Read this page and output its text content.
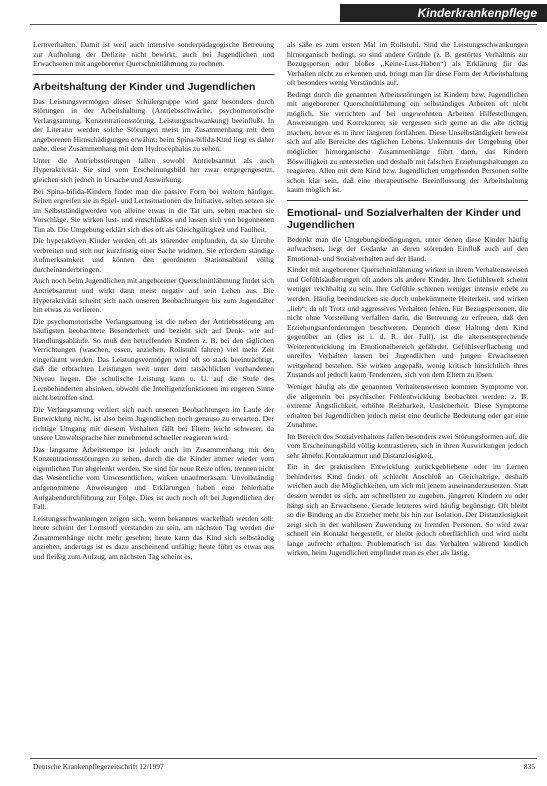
Kinderkrankenpflege

Lernverhalten. Damit ist weil auch intensive sonderpädagogische Betreuung zur Aufholung der Defizite nicht bewirkt, auch bei Jugendlichen und Erwachsenen mit angeborener Querschnittlähmung zu rechnen.

Arbeitshaltung der Kinder und Jugendlichen

Das Leistungsvermögen dieser Schülergruppe wird ganz besonders durch Störungen in der Arbeitshaltung (Antriebsschwäche, psychomotorische Verlangsamung, Konzentrationsstörung, Leistungsschwankung) beeinflußt. In der Literatur werden solche Störungen meist im Zusammenhang mit dem angeborenen Hirnschädigungen erwähnt; beim Spina-bifida-Kind liegt es daher nahe, diese Zusammenhang mit dem Hydrocephalus zu sehen.

Unter die Antriebsstörungen fallen sowohl Antriebsarmut als auch Hyperaktivität. Sie sind vom Erscheinungsbild her zwar entgegengesetzt, gleichen sich jedoch in Ursache und Auswirkung.

Bei Spina-bifida-Kindern findet man die passive Form bei weitem häufiger. Selten ergreifen sie in Spiel- und Lernsituationen die Initiative, selten setzen sie im Selbstständigwerden von alleine etwas in die Tat um, selten machen sie Vorschläge. Sie wirken lust- und entschlußlos und lassen sich von begonnenen Tun ab. Die Umgebung erklärt sich dies oft als Gleichgültigkeit und Faulheit.

Die hyperaktiven Kinder werden oft als störender empfunden, da sie Unruhe verbreiten und sich nur kurzfristig einer Sache widmen. Sie erfordern ständige Aufmerksamkeit und können den geordneten Stationsablauf völlig durcheinanderbringen.

Auch noch beim Jugendlichen mit angeborener Querschnittlähmung findet sich Antriebsarmut und wirkt dann meist negativ auf sein Leben aus. Die Hyperaktivität scheint sich nach unseren Beobachtungen bis zum Jugendalter hin etwas zu verlieren.

Die psychomotorische Verlangsamung ist die neben der Antriebsstörung am häufigsten beobachtete Besonderheit und bezieht sich auf Denk- wie auf Handlungsabläufe. So muß den betreffenden Kindern z. B. bei den täglichen Verrichtungen (waschen, essen, anziehen, Rollstuhl fahren) viel mehr Zeit eingeräumt werden. Das Leistungsvermögen wird oft so stark beeinträchtigt, daß die erbrachten Leistungen weit unter dem tatsächlichen vorhandenen Niveau liegen. Die schulische Leistung kann u. U. auf die Stufe des Lernbehinderten absinken, obwohl die Intelligenzfunktionen im engeren Sinne nicht betroffen sind.

Die Verlangsamung verliert sich nach unseren Beobachtungen im Laufe der Entwicklung nicht, ist also beim Jugendlichen noch genauso zu erwarten. Der richtige Umgang mit diesem Verhalten fällt bei Eltern leicht schwerer, da unsere Umweltsprache hier zunehmend schneller reagieren wird.

Das langsame Arbeitstempo ist jedoch auch im Zusammenhang mit den Konzentrationsstörungen zu sehen, durch die die Kinder immer wieder vom eigentlichen Tun abgelenkt werden. Sie sind für neue Reize offen, trennen nicht das Wesentliche vom Unwesentlichen, wirken unaufmerksam. Unvollständig aufgenommene Anweisungen und Erklärungen haben eine fehlerhafte Aufgabendurchführung zur Folge. Dies ist auch noch oft bei Jugendlichen der Fall.

Leistungsschwankungen zeigen sich, wenn bekanntes wackelhaft werden soll: heute scheint der Lernstoff verstanden zu sein, am nächsten Tag werden die Zusammenhänge nicht mehr gesehen; heute kann das Kind sich selbständig anziehen, andertags ist es dazu anscheinend unfähig; heute führt es etwas aus und fleißig zum Aufzug, am nächsten Tag scheint es,

als säße es zum ersten Mal im Rollstuhl. Sind die Leistungsschwankungen hirnorganisch bedingt, so sind andere Gründe (z. B. gestörtes Verhältnis zur Bezugsperson oder bloßes „Keine-Lust-Haben“) als Erklärung für das Verhalten nicht zu erkennen und, bringt man für diese Form der Arbeitshaltung oft besonders wenig Verständnis auf.

Bedingt durch die genannten Arbeitsstörungen ist Kindern bzw. Jugendlichen mit angeborener Querschnittlähmung ein selbständiges Arbeiten oft nicht möglich. Sie verrichten auf bei ungewohnten Arbeiten Hilfestellungen, Anweisungen und Korrekturen; sie vergessen sich gerne an die alte richtig machen, bevor es in ihrer längeren fortfahren. Diese Unselbständigkeit beweist sich auf alle Bereiche des täglichen Lebens. Unkenntnis der Umgebung über möglicher hirnorganische Zusammenhänge führt dann, das Kindern Böswilligkeit zu unterstellen und deshalb mit falschen Erziehungshaltungen zu reagieren. Allen mit dem Kind bzw. Jugendlichen umgehenden Personen sollte schon klar sein, daß eine therapeutische Beeinflussung der Arbeitshaltung kaum möglich ist.

Emotional- und Sozialverhalten der Kinder und Jugendlichen

Bedenkt man die Umgebungsbedingungen, unter denen diese Kinder häufig aufwachsen, liegt der Gedanke an deren störenden Einfluß auch auf den Emotional- und Sozialverhalten auf der Hand.

Kinder mit angeborener Querschnittlähmung wirken in ihrem Verhaltensweisen und Gefühlsäußerungen oft anders als andere Kinder. Ihre Gefühlswelt scheint weniger reichhaltig zu sein. Ihre Gefühle schienen weniger intensiv erlebt zu werden. Häufig beeindrucken sie durch unbekümmerte Heiterkeit, und wirken „lieb“; da oft Trotz und aggressives Verhalten fehlen. Für Bezugspersonen, die nicht ohne Vorstellung verfallen darin, die Betreuung zu erfreuen, daß den Erziehungsanforderungen beschweren. Dennoch diese Haltung dem Kind gegenüber an (dies ist i. d. R. der Fall), ist die altersentsprechende Weiterentwicklung im Emotionalbereich gefährdet. Gefühlsverflachung und unreifes Verhalten lassen bei Jugendlichen und jungen Erwachsenen weitgehend bestehen. Sie wirken angepaßt, wenig kritisch hinsichtlich ihres Zustands auf jedoch kaum Tendenzen, sich von dem Eltern zu lösen.

Weniger häufig als die genannten Verhaltensweisen kommen Symptome vor, die allgemein bei psychischer Fehlentwicklung beobachtet werden: z. B. extreme Ängstlichkeit, erhöhte Reizbarkeit, Unsicherheit. Diese Symptome erhalten bei Jugendlichen jedoch meist eine deutliche Bedeutung oder gar eine Zunahme.

Im Bereich des Sozialverhaltens fallen besonders zwei Störungsformen auf, die vom Erscheinungsbild völlig kontrastieren, sich in ihren Auswirkungen jedoch sehr ähneln: Kontaktarmut und Distanzlosigkeit.

Ein in der praktischen Entwicklung zurückgebliebene oder im Lernen behindertes Kind findet oft schlecht Anschluß an Gleichaltrige, deshalb weichen auch die Möglichkeiten, um sich mit jenem auseinanderzusetzen. Statt dessen wendet es sich, am schnellsten zu zugeben, jüngeren Kindern zu oder hängt sich an Erwachsene. Gerade letzteres wird häufig begünstigt. Oft bleibt so die Bindung an die Erzieher mehr bis hin zur Isolation. Der Distanzlosigkeit zeigt sich in der wahllosen Zuwendung zu fremden Personen. So wird zwar schnell ein Kontakt hergestellt, er bleibt jedoch oberflächlich und wird nicht lange aufrecht erhalten. Problematisch ist das Verhalten während kindlich wirken, beim Jugendlichen empfindet man es eher als lästig.

Deutsche Krankenpflegezeitschrift 12/1997	835
